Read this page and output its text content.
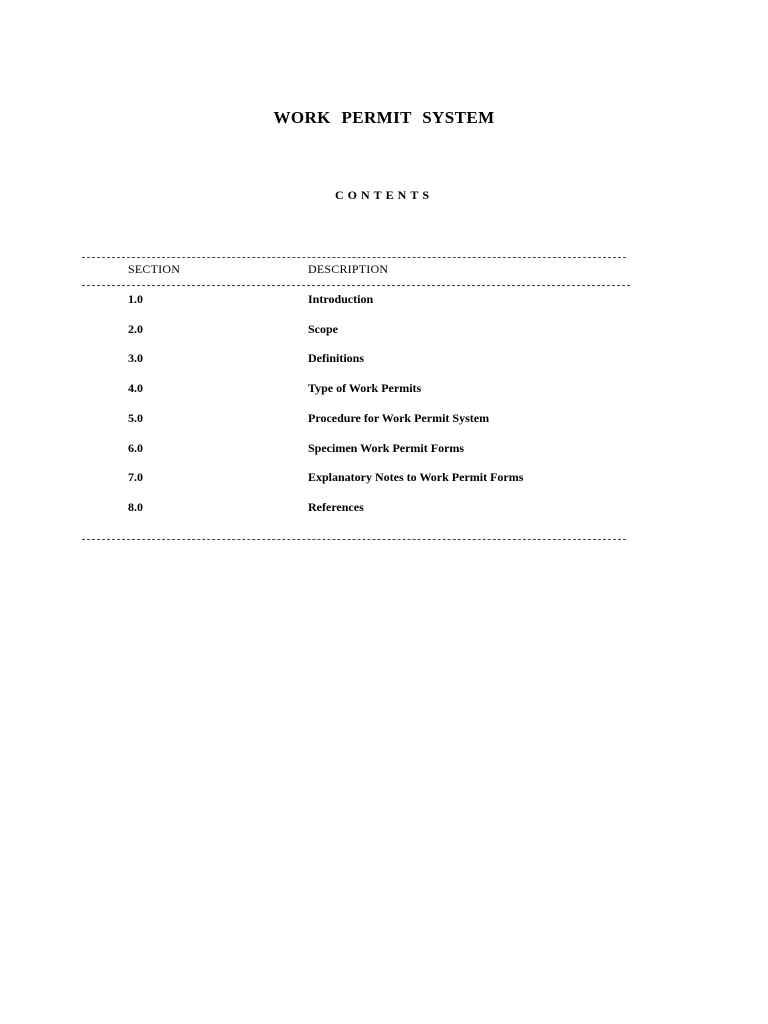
WORK PERMIT SYSTEM
CONTENTS
SECTION	DESCRIPTION
1.0	Introduction
2.0	Scope
3.0	Definitions
4.0	Type of Work Permits
5.0	Procedure for Work Permit System
6.0	Specimen Work Permit Forms
7.0	Explanatory Notes to Work Permit Forms
8.0	References
